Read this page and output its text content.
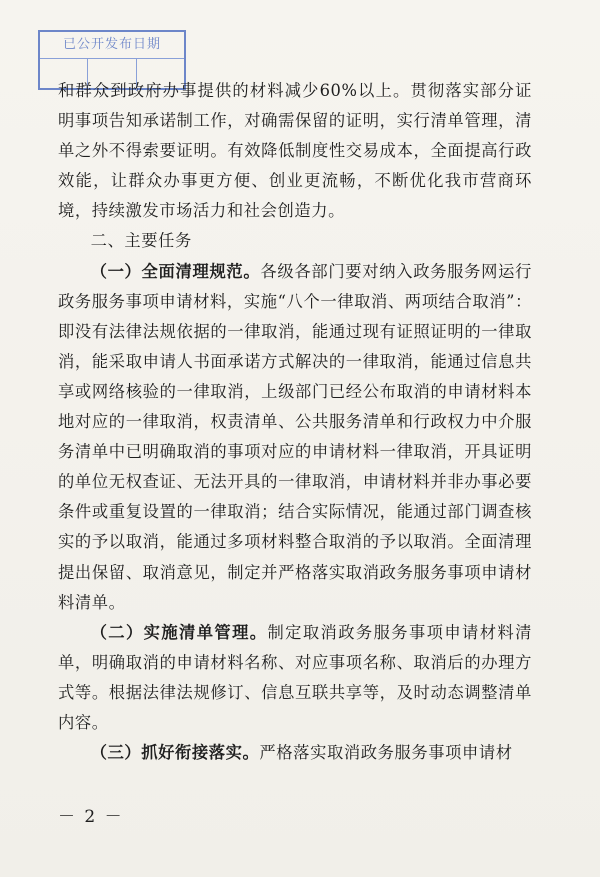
已公开发布日期

和群众到政府办事提供的材料减少60%以上。贯彻落实部分证明事项告知承诺制工作，对确需保留的证明，实行清单管理，清单之外不得索要证明。有效降低制度性交易成本，全面提高行政效能，让群众办事更方便、创业更流畅，不断优化我市营商环境，持续激发市场活力和社会创造力。

二、主要任务

（一）全面清理规范。各级各部门要对纳入政务服务网运行政务服务事项申请材料，实施“八个一律取消、两项结合取消”：即没有法律法规依据的一律取消，能通过现有证照证明的一律取消，能采取申请人书面承诺方式解决的一律取消，能通过信息共享或网络核验的一律取消，上级部门已经公布取消的申请材料本地对应的一律取消，权责清单、公共服务清单和行政权力中介服务清单中已明确取消的事项对应的申请材料一律取消，开具证明的单位无权查证、无法开具的一律取消，申请材料并非办事必要条件或重复设置的一律取消；结合实际情况，能通过部门调查核实的予以取消，能通过多项材料整合取消的予以取消。全面清理提出保留、取消意见，制定并严格落实取消政务服务事项申请材料清单。

（二）实施清单管理。制定取消政务服务事项申请材料清单，明确取消的申请材料名称、对应事项名称、取消后的办理方式等。根据法律法规修订、信息互联共享等，及时动态调整清单内容。

（三）抓好衔接落实。严格落实取消政务服务事项申请材

－ 2 －
